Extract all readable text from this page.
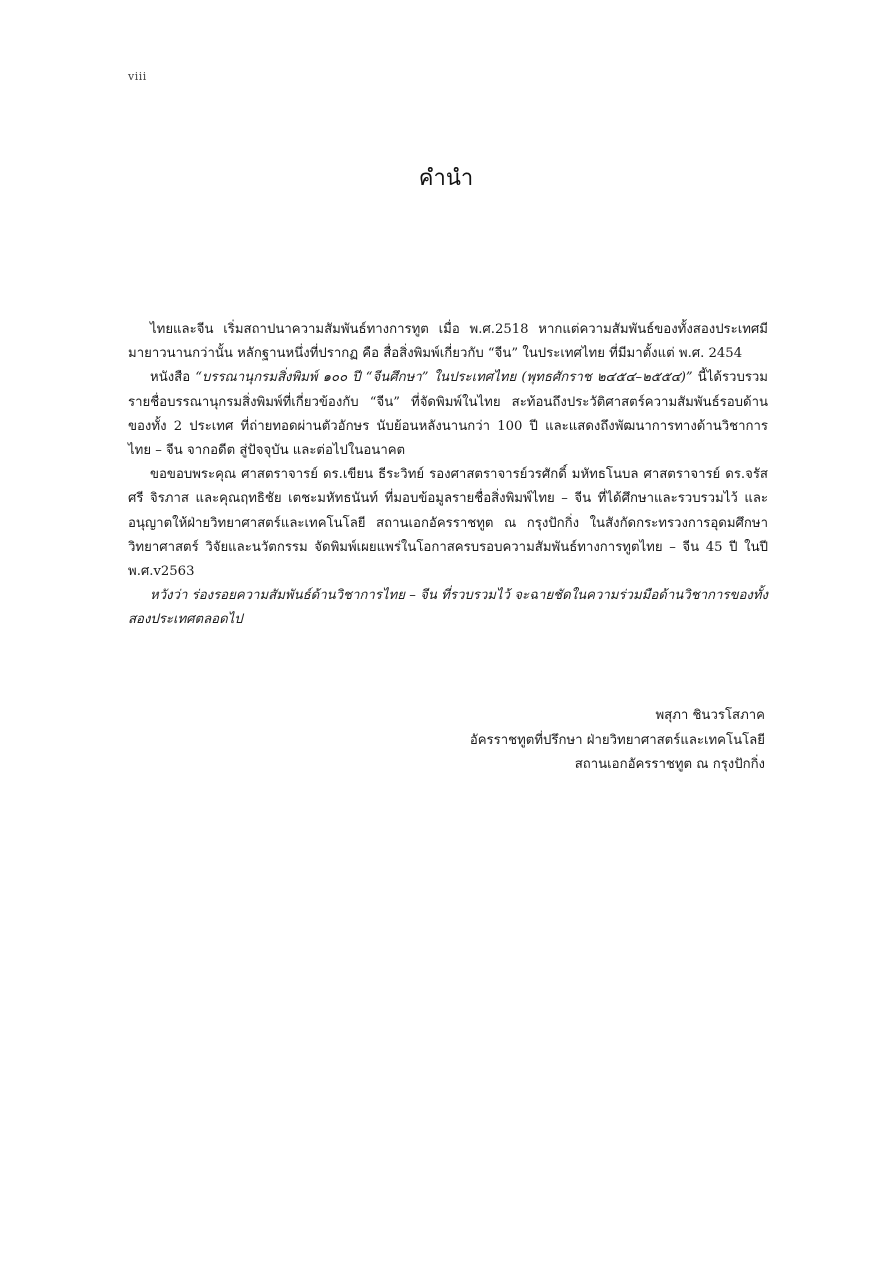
viii
คำนำ

ไทยและจีน เริ่มสถาปนาความสัมพันธ์ทางการทูต เมื่อ พ.ศ.2518 หากแต่ความสัมพันธ์ของทั้งสองประเทศมีมายาวนานกว่านั้น หลักฐานหนึ่งที่ปรากฏ คือ สื่อสิ่งพิมพ์เกี่ยวกับ “จีน” ในประเทศไทย ที่มีมาตั้งแต่ พ.ศ. 2454

หนังสือ “บรรณานุกรมสิ่งพิมพ์ ๑๐๐ ปี “จีนศึกษา” ในประเทศไทย (พุทธศักราช ๒๔๕๔–๒๕๕๔)” นี้ได้รวบรวมรายชื่อบรรณานุกรมสิ่งพิมพ์ที่เกี่ยวข้องกับ “จีน” ที่จัดพิมพ์ในไทย สะท้อนถึงประวัติศาสตร์ความสัมพันธ์รอบด้านของทั้ง 2 ประเทศ ที่ถ่ายทอดผ่านตัวอักษร นับย้อนหลังนานกว่า 100 ปี และแสดงถึงพัฒนาการทางด้านวิชาการไทย – จีน จากอดีต สู่ปัจจุบัน และต่อไปในอนาคต

ขอขอบพระคุณ ศาสตราจารย์ ดร.เขียน ธีระวิทย์ รองศาสตราจารย์วรศักดิ์ มหัทธโนบล ศาสตราจารย์ ดร.จรัสศรี จิรภาส และคุณฤทธิชัย เตชะมหัทธนันท์ ที่มอบข้อมูลรายชื่อสิ่งพิมพ์ไทย – จีน ที่ได้ศึกษาและรวบรวมไว้ และอนุญาตให้ฝ่ายวิทยาศาสตร์และเทคโนโลยี สถานเอกอัครราชทูต ณ กรุงปักกิ่ง ในสังกัดกระทรวงการอุดมศึกษา วิทยาศาสตร์ วิจัยและนวัตกรรม จัดพิมพ์เผยแพร่ในโอกาสครบรอบความสัมพันธ์ทางการทูตไทย – จีน 45 ปี ในปี พ.ศ.v2563

หวังว่า ร่องรอยความสัมพันธ์ด้านวิชาการไทย – จีน ที่รวบรวมไว้ จะฉายชัดในความร่วมมือด้านวิชาการของทั้งสองประเทศตลอดไป

พสุภา ชินวรโสภาค
อัครราชทูตที่ปรึกษา ฝ่ายวิทยาศาสตร์และเทคโนโลยี
สถานเอกอัครราชทูต ณ กรุงปักกิ่ง
